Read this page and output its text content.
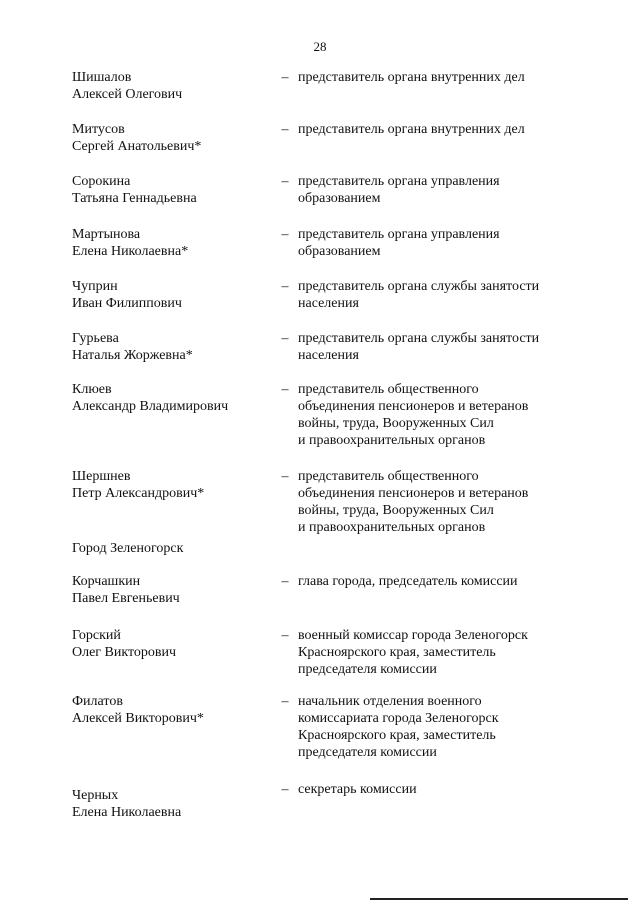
28
Шишалов
Алексей Олегович
– представитель органа внутренних дел
Митусов
Сергей Анатольевич*
– представитель органа внутренних дел
Сорокина
Татьяна Геннадьевна
– представитель органа управления
образованием
Мартынова
Елена Николаевна*
– представитель органа управления
образованием
Чуприн
Иван Филиппович
– представитель органа службы занятости
населения
Гурьева
Наталья Жоржевна*
– представитель органа службы занятости
населения
Клюев
Александр Владимирович
– представитель общественного
объединения пенсионеров и ветеранов
войны, труда, Вооруженных Сил
и правоохранительных органов
Шершнев
Петр Александрович*
– представитель общественного
объединения пенсионеров и ветеранов
войны, труда, Вооруженных Сил
и правоохранительных органов
Город Зеленогорск
Корчашкин
Павел Евгеньевич
– глава города, председатель комиссии
Горский
Олег Викторович
– военный комиссар города Зеленогорск
Красноярского края, заместитель
председателя комиссии
Филатов
Алексей Викторович*
– начальник отделения военного
комиссариата города Зеленогорск
Красноярского края, заместитель
председателя комиссии
Черных
Елена Николаевна
– секретарь комиссии
